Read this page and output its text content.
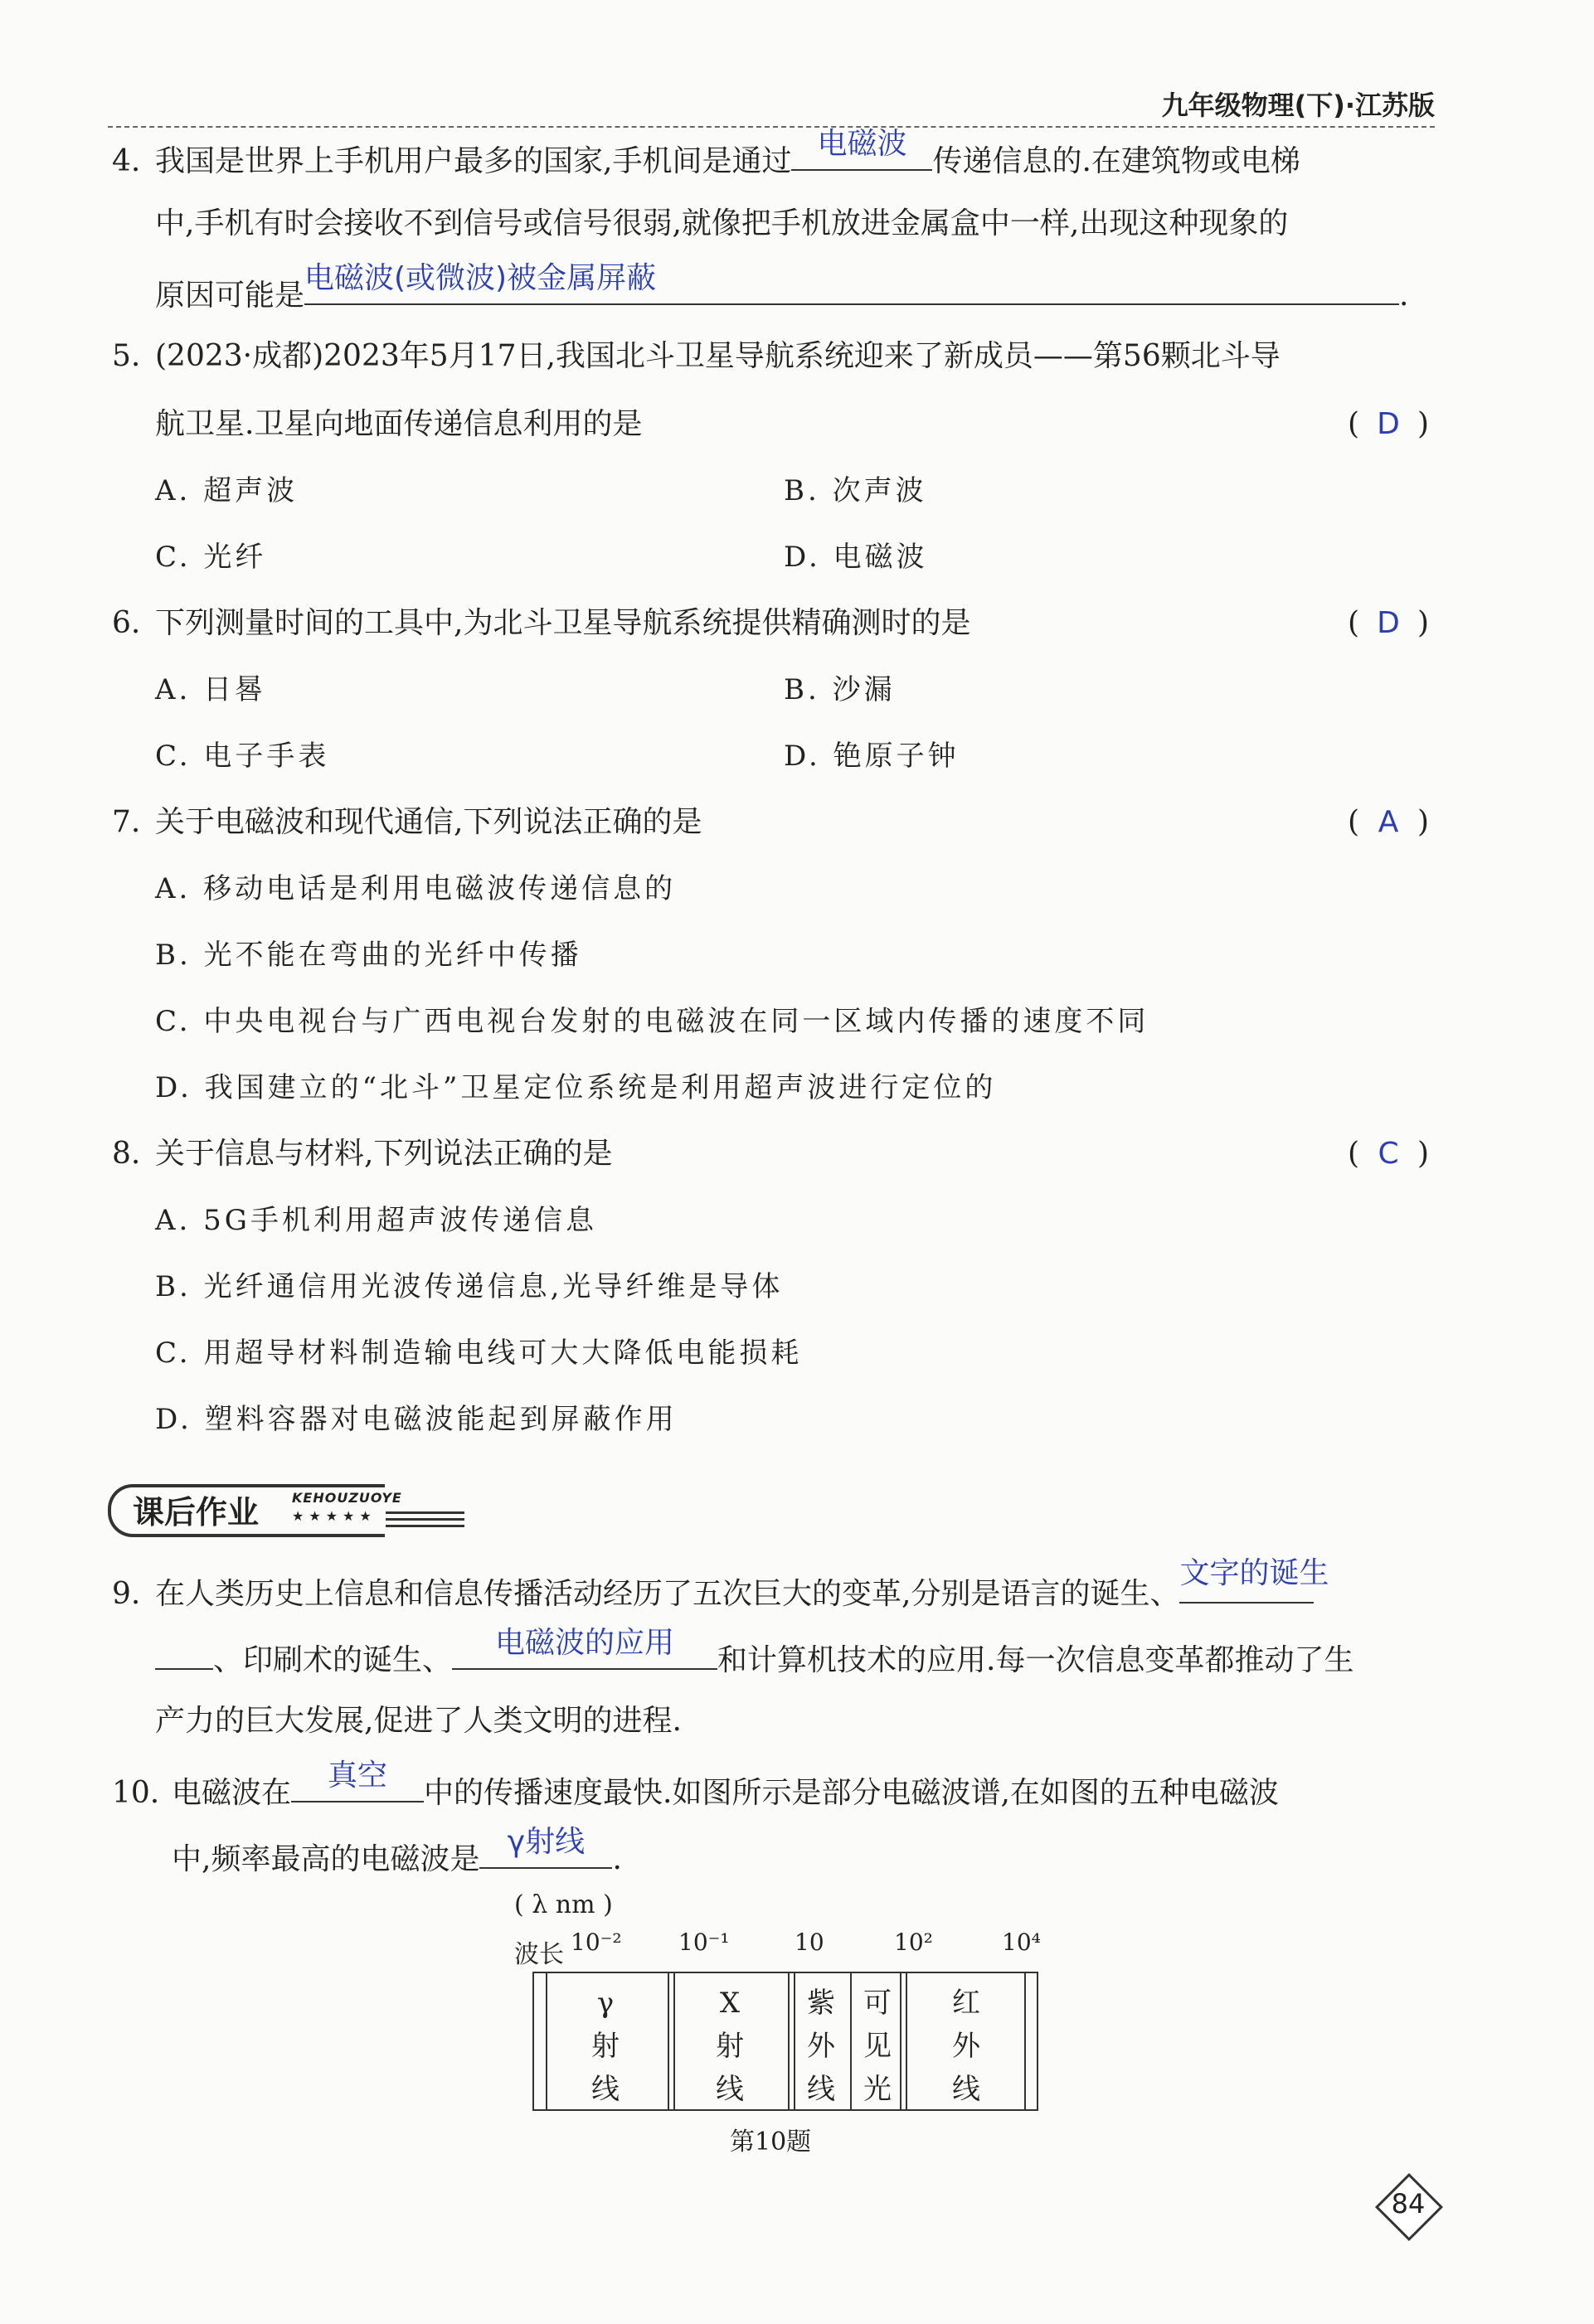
九年级物理(下)·江苏版
4. 我国是世界上手机用户最多的国家,手机间是通过
电磁波
传递信息的.在建筑物或电梯
中,手机有时会接收不到信号或信号很弱,就像把手机放进金属盒中一样,出现这种现象的
原因可能是
电磁波(或微波)被金属屏蔽
.
5. (2023·成都)2023年5月17日,我国北斗卫星导航系统迎来了新成员——第56颗北斗导
航卫星.卫星向地面传递信息利用的是	( D )
A. 超声波	B. 次声波
C. 光纤	D. 电磁波
6. 下列测量时间的工具中,为北斗卫星导航系统提供精确测时的是	( D )
A. 日晷	B. 沙漏
C. 电子手表	D. 铯原子钟
7. 关于电磁波和现代通信,下列说法正确的是	( A )
A. 移动电话是利用电磁波传递信息的
B. 光不能在弯曲的光纤中传播
C. 中央电视台与广西电视台发射的电磁波在同一区域内传播的速度不同
D. 我国建立的“北斗”卫星定位系统是利用超声波进行定位的
8. 关于信息与材料,下列说法正确的是	( C )
A. 5G手机利用超声波传递信息
B. 光纤通信用光波传递信息,光导纤维是导体
C. 用超导材料制造输电线可大大降低电能损耗
D. 塑料容器对电磁波能起到屏蔽作用
课后作业 KEHOUZUOYE
★★★★★
9. 在人类历史上信息和信息传播活动经历了五次巨大的变革,分别是语言的诞生、
文字的诞生
、印刷术的诞生、
电磁波的应用
和计算机技术的应用.每一次信息变革都推动了生
产力的巨大发展,促进了人类文明的进程.
10. 电磁波在
真空
中的传播速度最快.如图所示是部分电磁波谱,在如图的五种电磁波
中,频率最高的电磁波是
γ射线
.
( λ nm )
波长 10⁻² 10⁻¹	10	10²	10⁴
γ
射
线
X
射
线
紫
外
线
可
见
光
红
外
线
第10题
84
